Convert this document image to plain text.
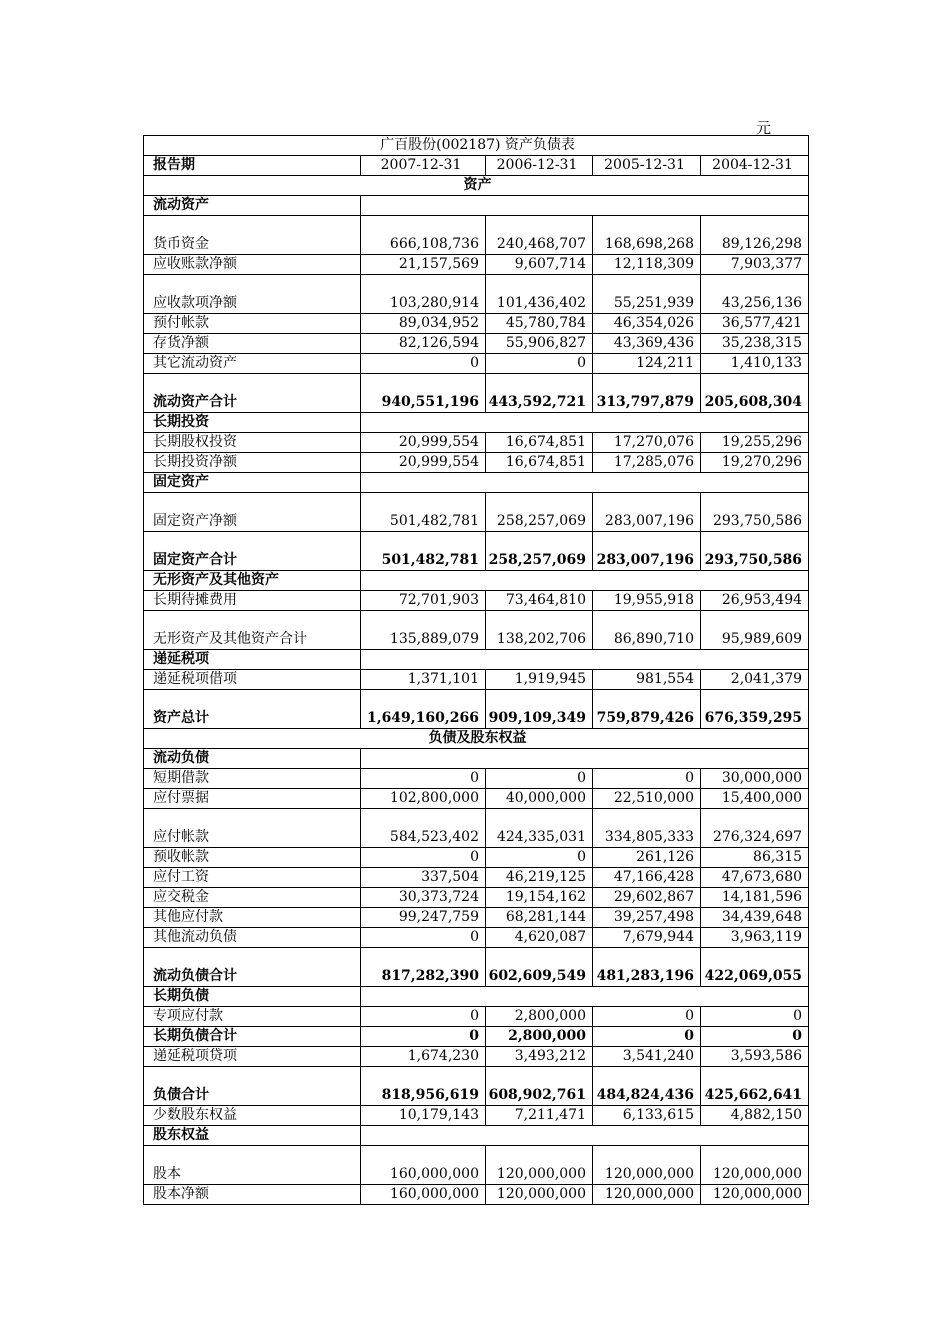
元
广百股份(002187) 资产负债表				
报告期	2007-12-31	2006-12-31	2005-12-31	2004-12-31
资产				
流动资产				
货币资金	666,108,736	240,468,707	168,698,268	89,126,298

应收账款净额	21,157,569	9,607,714	12,118,309	7,903,377

应收款项净额	103,280,914	101,436,402	55,251,939	43,256,136

预付帐款	89,034,952	45,780,784	46,354,026	36,577,421

存货净额	82,126,594	55,906,827	43,369,436	35,238,315

其它流动资产	0	0	124,211	1,410,133

流动资产合计	940,551,196	443,592,721	313,797,879	205,608,304

长期投资				
长期股权投资	20,999,554	16,674,851	17,270,076	19,255,296

长期投资净额	20,999,554	16,674,851	17,285,076	19,270,296

固定资产				
固定资产净额	501,482,781	258,257,069	283,007,196	293,750,586

固定资产合计	501,482,781	258,257,069	283,007,196	293,750,586

无形资产及其他资产				
长期待摊费用	72,701,903	73,464,810	19,955,918	26,953,494

无形资产及其他资产合计	135,889,079	138,202,706	86,890,710	95,989,609

递延税项				
递延税项借项	1,371,101	1,919,945	981,554	2,041,379

资产总计	1,649,160,266	909,109,349	759,879,426	676,359,295

负债及股东权益				
流动负债				
短期借款	0	0	0	30,000,000

应付票据	102,800,000	40,000,000	22,510,000	15,400,000

应付帐款	584,523,402	424,335,031	334,805,333	276,324,697

预收帐款	0	0	261,126	86,315

应付工资	337,504	46,219,125	47,166,428	47,673,680

应交税金	30,373,724	19,154,162	29,602,867	14,181,596

其他应付款	99,247,759	68,281,144	39,257,498	34,439,648

其他流动负债	0	4,620,087	7,679,944	3,963,119

流动负债合计	817,282,390	602,609,549	481,283,196	422,069,055

长期负债				
专项应付款	0	2,800,000	0	0

长期负债合计	0	2,800,000	0	0

递延税项贷项	1,674,230	3,493,212	3,541,240	3,593,586

负债合计	818,956,619	608,902,761	484,824,436	425,662,641

少数股东权益	10,179,143	7,211,471	6,133,615	4,882,150

股东权益				
股本	160,000,000	120,000,000	120,000,000	120,000,000

股本净额	160,000,000	120,000,000	120,000,000	120,000,000
